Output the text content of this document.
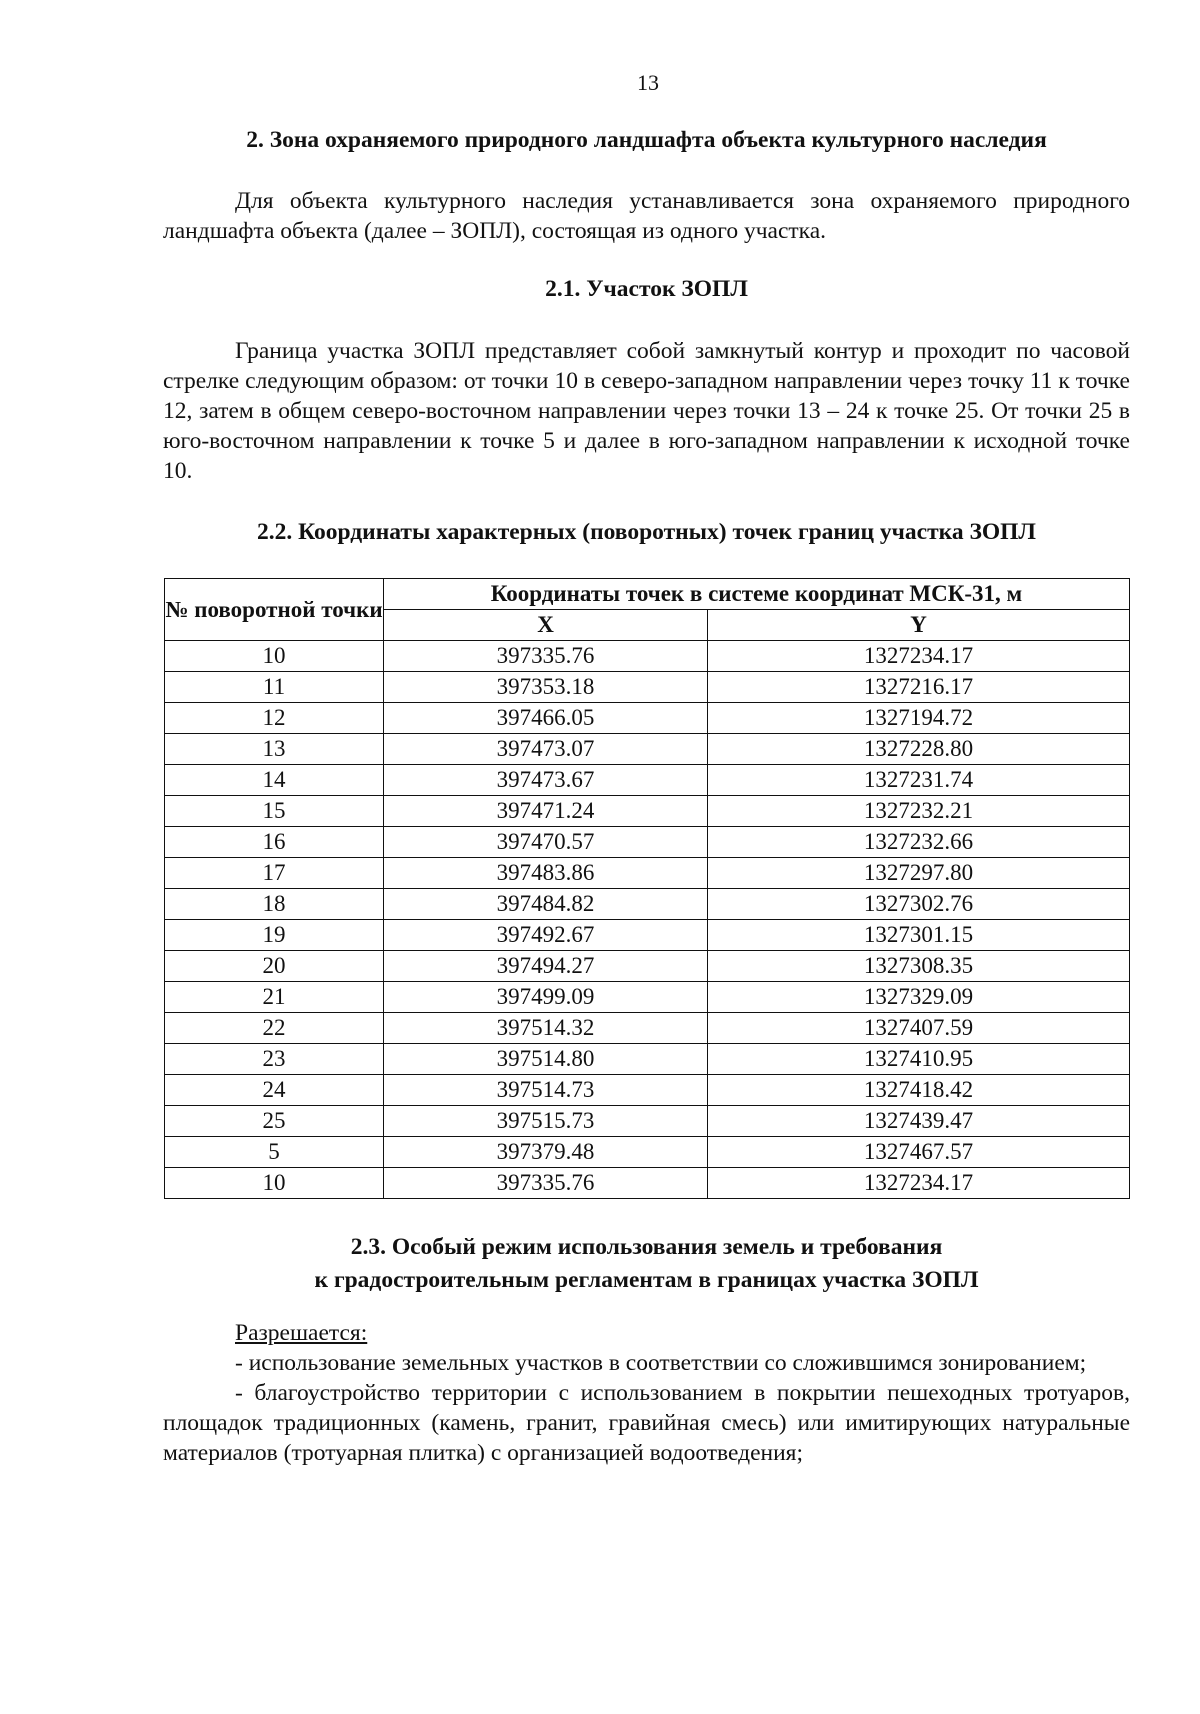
13
2. Зона охраняемого природного ландшафта объекта культурного наследия

Для объекта культурного наследия устанавливается зона охраняемого природного ландшафта объекта (далее – ЗОПЛ), состоящая из одного участка.

2.1. Участок ЗОПЛ

Граница участка ЗОПЛ представляет собой замкнутый контур и проходит по часовой стрелке следующим образом: от точки 10 в северо-западном направлении через точку 11 к точке 12, затем в общем северо-восточном направлении через точки 13 – 24 к точке 25. От точки 25 в юго-восточном направлении к точке 5 и далее в юго-западном направлении к исходной точке 10.

2.2. Координаты характерных (поворотных) точек границ участка ЗОПЛ
№ поворотной точки	Координаты точек в системе координат МСК-31, м	
	X	Y
10	397335.76	1327234.17
11	397353.18	1327216.17
12	397466.05	1327194.72
13	397473.07	1327228.80
14	397473.67	1327231.74
15	397471.24	1327232.21
16	397470.57	1327232.66
17	397483.86	1327297.80
18	397484.82	1327302.76
19	397492.67	1327301.15
20	397494.27	1327308.35
21	397499.09	1327329.09
22	397514.32	1327407.59
23	397514.80	1327410.95
24	397514.73	1327418.42
25	397515.73	1327439.47
5	397379.48	1327467.57
10	397335.76	1327234.17
2.3. Особый режим использования земель и требования
к градостроительным регламентам в границах участка ЗОПЛ

Разрешается:

- использование земельных участков в соответствии со сложившимся зонированием;

- благоустройство территории с использованием в покрытии пешеходных тротуаров, площадок традиционных (камень, гранит, гравийная смесь) или имитирующих натуральные материалов (тротуарная плитка) с организацией водоотведения;
